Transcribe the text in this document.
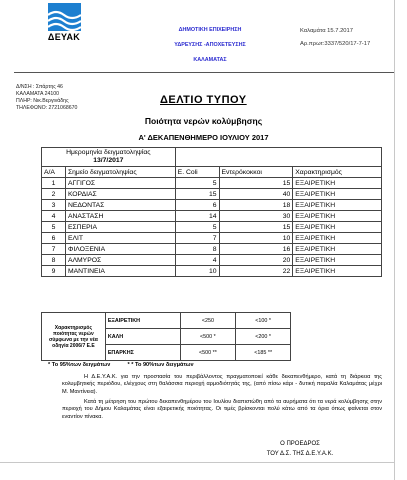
ΔΕΥΑΚ
ΔΗΜΟΤΙΚΗ ΕΠΙΧΕΙΡΗΣΗ
ΥΔΡΕΥΣΗΣ -ΑΠΟΧΕΤΕΥΣΗΣ
ΚΑΛΑΜΑΤΑΣ
Καλαμάτα 15.7.2017
Αρ.πρωτ:3337/520/17-7-17
Δ/ΝΣΗ : Σπάρτης 46
ΚΑΛΑΜΑΤΑ 24100
ΠΛΗΡ: Νικ.Βεργινάδης
ΤΗΛΕΦΩΝΟ: 2721068670
ΔΕΛΤΙΟ ΤΥΠΟΥ
Ποιότητα νερών κολύμβησης
Α' ΔΕΚΑΠΕΝΘΗΜΕΡΟ ΙΟΥΛΙΟΥ 2017
Ημερομηνία δειγματοληψίας
13/7/2017				

Α/Α	Σημείο δειγματοληψίας	E. Coli	Εντερόκοκκοι	Χαρακτηρισμός
1	ΑΓΓΙΓΟΣ	5	15	ΕΞΑΙΡΕΤΙΚΗ
2	ΚΟΡΔΙΑΣ	15	40	ΕΞΑΙΡΕΤΙΚΗ
3	ΝΕΔΟΝΤΑΣ	6	18	ΕΞΑΙΡΕΤΙΚΗ
4	ΑΝΑΣΤΑΣΗ	14	30	ΕΞΑΙΡΕΤΙΚΗ
5	ΕΣΠΕΡΙΑ	5	15	ΕΞΑΙΡΕΤΙΚΗ
6	ΕΛΙΤ	7	10	ΕΞΑΙΡΕΤΙΚΗ
7	ΦΙΛΟΞΕΝΙΑ	8	16	ΕΞΑΙΡΕΤΙΚΗ
8	ΑΛΜΥΡΟΣ	4	20	ΕΞΑΙΡΕΤΙΚΗ
9	ΜΑΝΤΙΝΕΙΑ	10	22	ΕΞΑΙΡΕΤΙΚΗ
Χαρακτηρισμός ποιότητας νερών σύμφωνα με την νέα οδηγία 2006/7 Ε.Ε	ΕΞΑΙΡΕΤΙΚΗ	<250	<100 *
	ΚΑΛΗ	<500 *	<200 *
	ΕΠΑΡΚΗΣ	<500 **	<185 **
* Το 95%των δειγμάτων	* * Το 90%των δειγμάτων
Η Δ.Ε.Υ.Α.Κ. για την προστασία του περιβάλλοντος πραγματοποιεί κάθε δεκαπενθήμερο, κατά τη διάρκεια της κολυμβητικής περιόδου, ελέγχους στη θαλάσσια περιοχή αρμοδιότητάς της, (από πίσω κάρι - δυτική παραλία Καλαμάτας μέχρι Μ. Μαντίνεια).
Κατά τη μέτρηση του πρώτου δεκαπενθημέρου του Ιουλίου διαπιστώθη από τα αυρήματα ότι τα νερά κολύμβησης στην περιοχή του Δήμου Καλαμάτας είναι εξαιρετικής ποιότητας. Οι τιμές βρίσκονται πολύ κάτω από τα όρια όπως φαίνεται στον εναντίον πίνακα.
Ο ΠΡΟΕΔΡΟΣ
ΤΟΥ Δ.Σ. ΤΗΣ Δ.Ε.Υ.Α.Κ.
